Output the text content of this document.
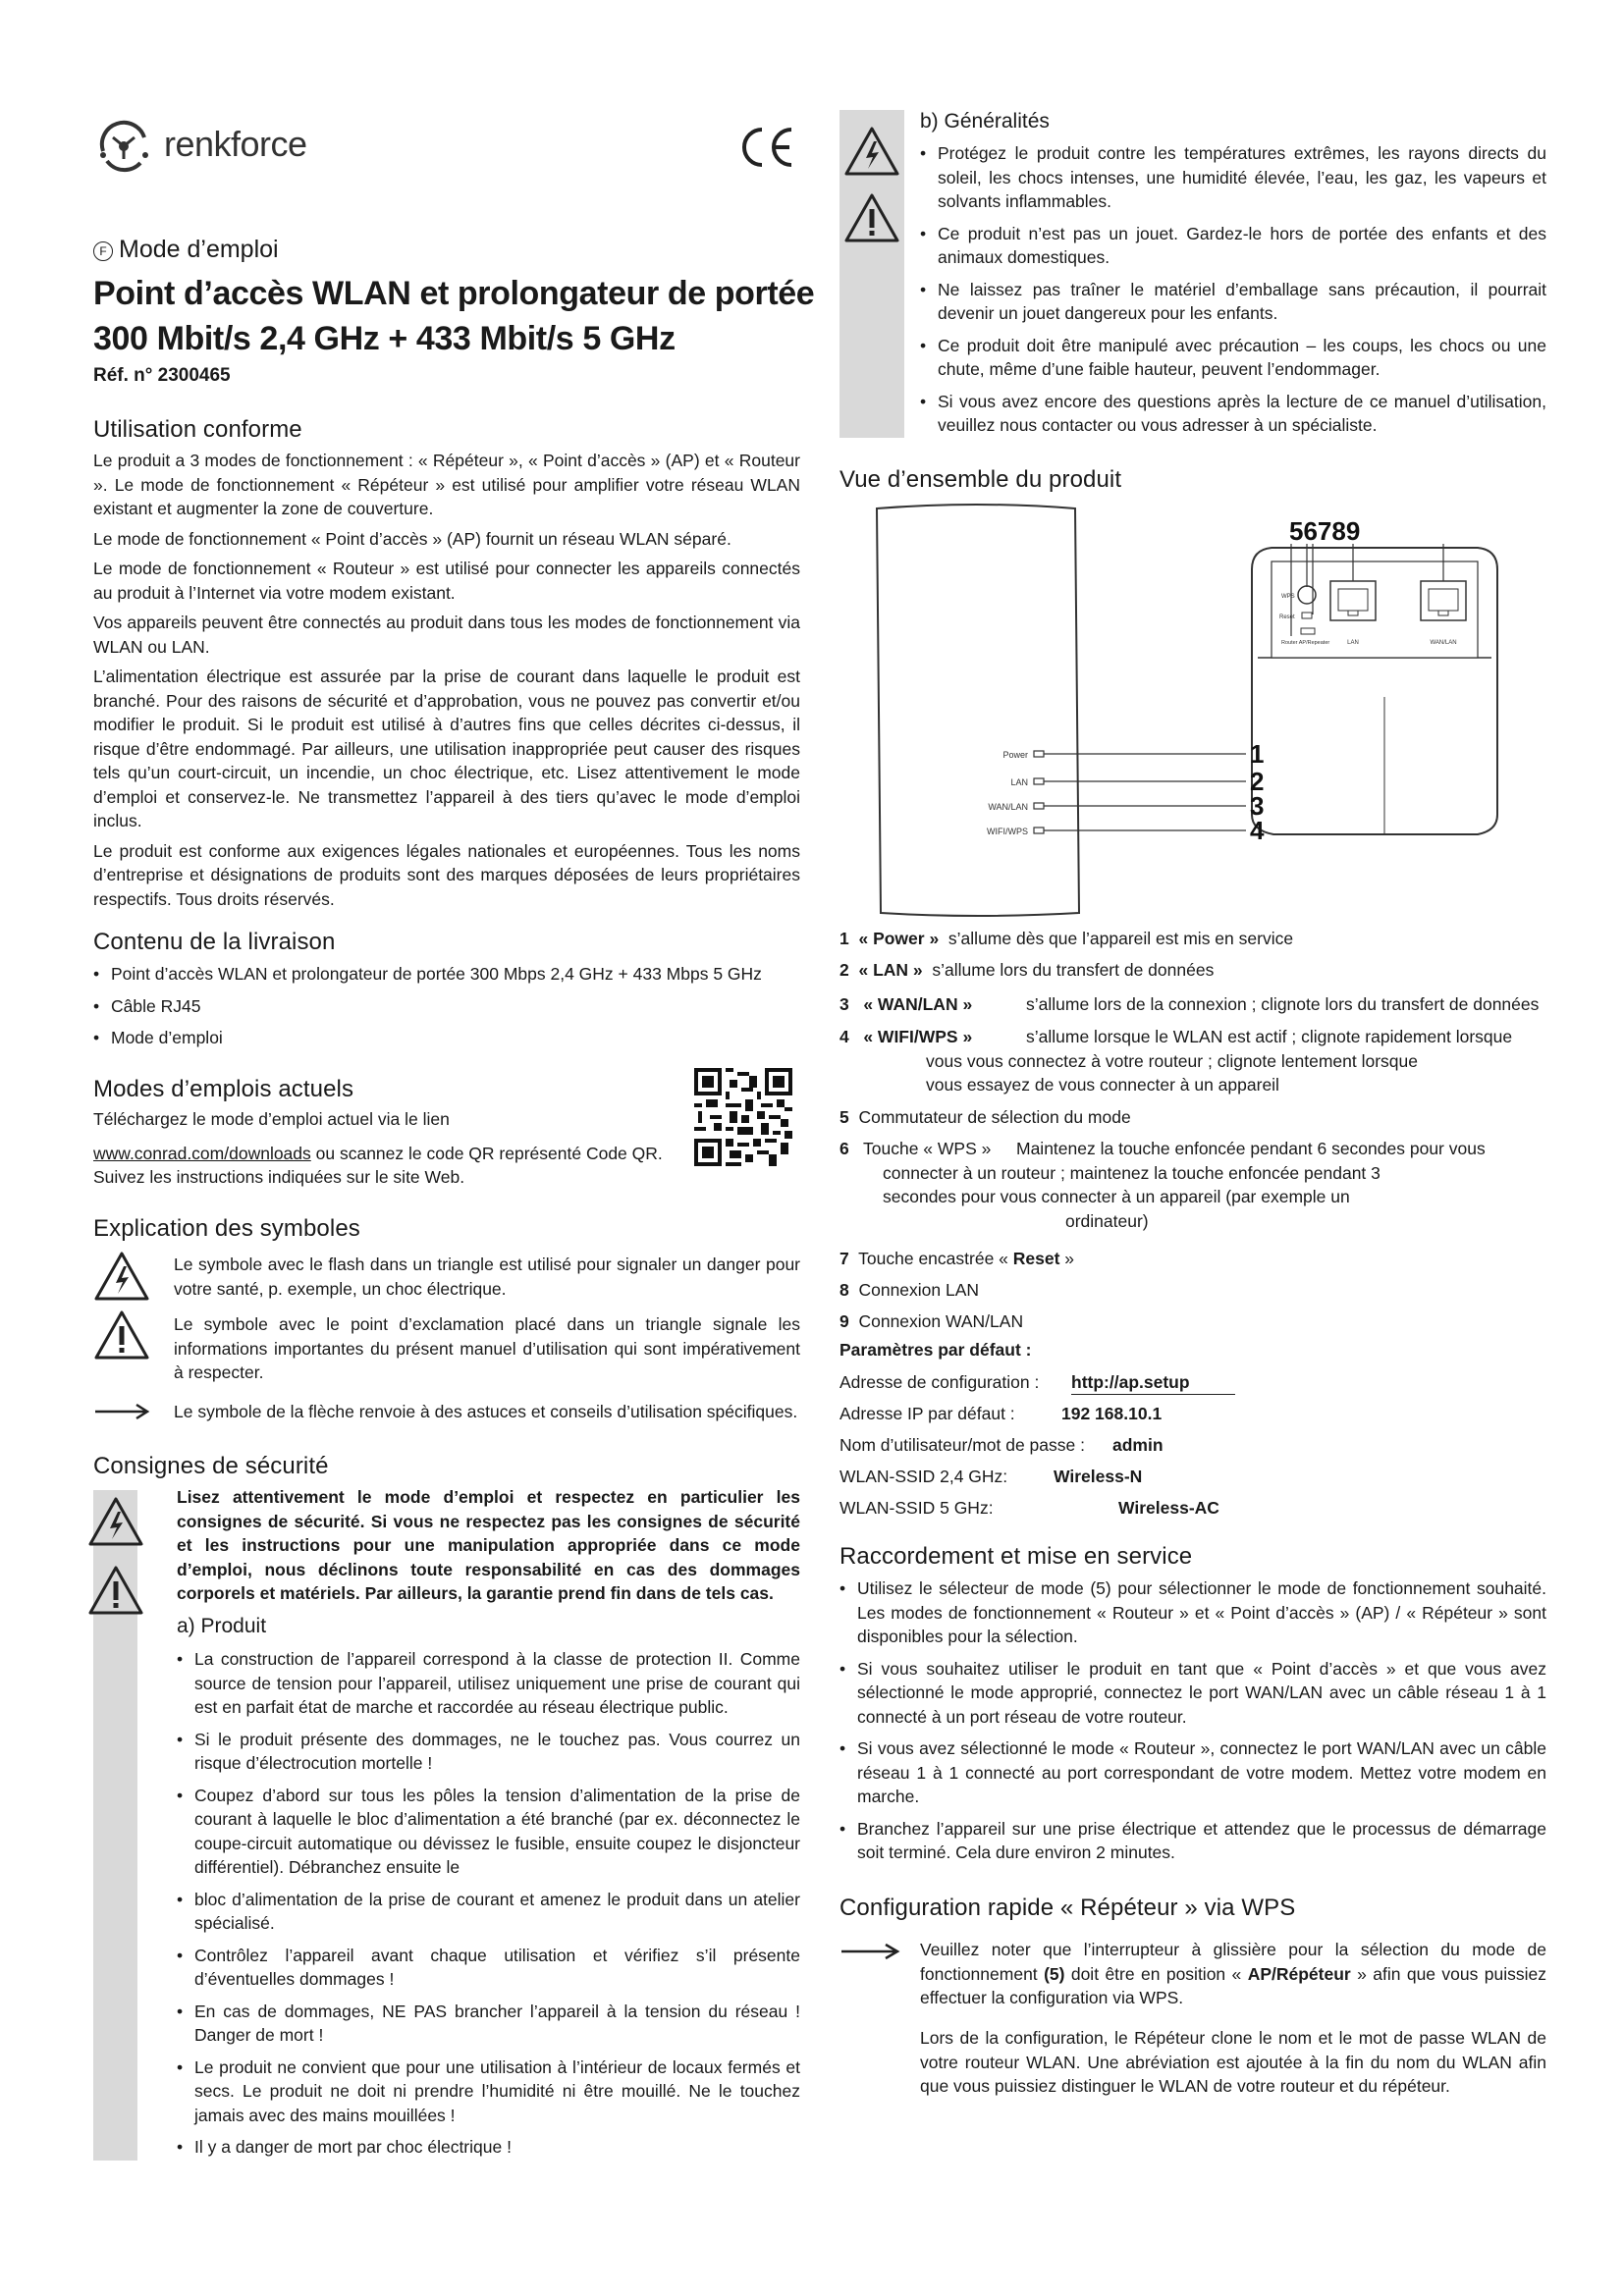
renkforce
F Mode d’emploi
Point d’accès WLAN et prolongateur de portée
300 Mbit/s 2,4 GHz + 433 Mbit/s 5 GHz
Réf. n° 2300465
Utilisation conforme

Le produit a 3 modes de fonctionnement : « Répéteur », « Point d’accès » (AP) et « Routeur ». Le mode de fonctionnement « Répéteur » est utilisé pour amplifier votre réseau WLAN existant et augmenter la zone de couverture.

Le mode de fonctionnement « Point d’accès » (AP) fournit un réseau WLAN séparé.

Le mode de fonctionnement « Routeur » est utilisé pour connecter les appareils connectés au produit à l’Internet via votre modem existant.

Vos appareils peuvent être connectés au produit dans tous les modes de fonctionnement via WLAN ou LAN.

L’alimentation électrique est assurée par la prise de courant dans laquelle le produit est branché. Pour des raisons de sécurité et d’approbation, vous ne pouvez pas convertir et/ou modifier le produit. Si le produit est utilisé à d’autres fins que celles décrites ci-dessus, il risque d’être endommagé. Par ailleurs, une utilisation inappropriée peut causer des risques tels qu’un court-circuit, un incendie, un choc électrique, etc. Lisez attentivement le mode d’emploi et conservez-le. Ne transmettez l’appareil à des tiers qu’avec le mode d’emploi inclus.

Le produit est conforme aux exigences légales nationales et européennes. Tous les noms d’entreprise et désignations de produits sont des marques déposées de leurs propriétaires respectifs. Tous droits réservés.

Contenu de la livraison
• Point d’accès WLAN et prolongateur de portée 300 Mbps 2,4 GHz + 433 Mbps 5 GHz
• Câble RJ45
• Mode d’emploi
Modes d’emplois actuels

Téléchargez le mode d’emploi actuel via le lien

www.conrad.com/downloads ou scannez le code QR représenté Code QR.

Suivez les instructions indiquées sur le site Web.

Explication des symboles

Le symbole avec le flash dans un triangle est utilisé pour signaler un danger pour votre santé, p. exemple, un choc électrique.

Le symbole avec le point d’exclamation placé dans un triangle signale les informations importantes du présent manuel d’utilisation qui sont impérativement à respecter.

Le symbole de la flèche renvoie à des astuces et conseils d’utilisation spécifiques.

Consignes de sécurité

Lisez attentivement le mode d’emploi et respectez en particulier les consignes de sécurité. Si vous ne respectez pas les consignes de sécurité et les instructions pour une manipulation appropriée dans ce mode d’emploi, nous déclinons toute responsabilité en cas des dommages corporels et matériels. Par ailleurs, la garantie prend fin dans de tels cas.

a) Produit
• La construction de l’appareil correspond à la classe de protection II. Comme source de tension pour l’appareil, utilisez uniquement une prise de courant qui est en parfait état de marche et raccordée au réseau électrique public.
• Si le produit présente des dommages, ne le touchez pas. Vous courrez un risque d’électrocution mortelle !
• Coupez d’abord sur tous les pôles la tension d’alimentation de la prise de courant à laquelle le bloc d’alimentation a été branché (par ex. déconnectez le coupe-circuit automatique ou dévissez le fusible, ensuite coupez le disjoncteur différentiel). Débranchez ensuite le
• bloc d’alimentation de la prise de courant et amenez le produit dans un atelier spécialisé.
• Contrôlez l’appareil avant chaque utilisation et vérifiez s’il présente d’éventuelles dommages !
• En cas de dommages, NE PAS brancher l’appareil à la tension du réseau ! Danger de mort !
• Le produit ne convient que pour une utilisation à l’intérieur de locaux fermés et secs. Le produit ne doit ni prendre l’humidité ni être mouillé. Ne le touchez jamais avec des mains mouillées !
• Il y a danger de mort par choc électrique !
b) Généralités
• Protégez le produit contre les températures extrêmes, les rayons directs du soleil, les chocs intenses, une humidité élevée, l’eau, les gaz, les vapeurs et solvants inflammables.
• Ce produit n’est pas un jouet. Gardez-le hors de portée des enfants et des animaux domestiques.
• Ne laissez pas traîner le matériel d’emballage sans précaution, il pourrait devenir un jouet dangereux pour les enfants.
• Ce produit doit être manipulé avec précaution – les coups, les chocs ou une chute, même d’une faible hauteur, peuvent l’endommager.
• Si vous avez encore des questions après la lecture de ce manuel d’utilisation, veuillez nous contacter ou vous adresser à un spécialiste.
Vue d’ensemble du produit
Power
LAN
WAN/LAN
WIFI/WPS
WPS
Reset
Router AP/Repeater	LAN	WAN/LAN
56789
1
2
3
4
1 « Power » s’allume dès que l’appareil est mis en service
2 « LAN » s’allume lors du transfert de données
3 « WAN/LAN »	s’allume lors de la connexion ; clignote lors du transfert de données
4 « WIFI/WPS »	s’allume lorsque le WLAN est actif ; clignote rapidement lorsque
vous vous connectez à votre routeur ; clignote lentement lorsque
vous essayez de vous connecter à un appareil
5 Commutateur de sélection du mode
6 Touche « WPS » Maintenez la touche enfoncée pendant 6 secondes pour vous
connecter à un routeur ; maintenez la touche enfoncée pendant 3
secondes pour vous connecter à un appareil (par exemple un
ordinateur)
7 Touche encastrée « Reset »
8 Connexion LAN
9 Connexion WAN/LAN
Paramètres par défaut :
Adresse de configuration : http://ap.setup
Adresse IP par défaut :	192 168.10.1
Nom d’utilisateur/mot de passe : admin
WLAN-SSID 2,4 GHz:	Wireless-N
WLAN-SSID 5 GHz:	Wireless-AC
Raccordement et mise en service
• Utilisez le sélecteur de mode (5) pour sélectionner le mode de fonctionnement souhaité. Les modes de fonctionnement « Routeur » et « Point d’accès » (AP) / « Répéteur » sont disponibles pour la sélection.
• Si vous souhaitez utiliser le produit en tant que « Point d’accès » et que vous avez sélectionné le mode approprié, connectez le port WAN/LAN avec un câble réseau 1 à 1 connecté à un port réseau de votre routeur.
• Si vous avez sélectionné le mode « Routeur », connectez le port WAN/LAN avec un câble réseau 1 à 1 connecté au port correspondant de votre modem. Mettez votre modem en marche.
• Branchez l’appareil sur une prise électrique et attendez que le processus de démarrage soit terminé. Cela dure environ 2 minutes.
Configuration rapide « Répéteur » via WPS

Veuillez noter que l’interrupteur à glissière pour la sélection du mode de fonctionnement (5) doit être en position « AP/Répéteur » afin que vous puissiez effectuer la configuration via WPS.

Lors de la configuration, le Répéteur clone le nom et le mot de passe WLAN de votre routeur WLAN. Une abréviation est ajoutée à la fin du nom du WLAN afin que vous puissiez distinguer le WLAN de votre routeur et du répéteur.
